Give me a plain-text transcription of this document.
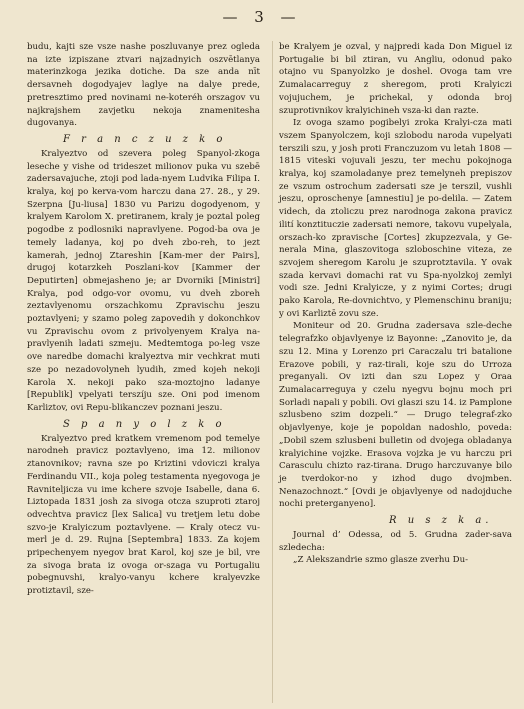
— 3 —

budu, kajti sze vsze nashe poszluvanye prez ogleda na izte izpiszane ztvari najzadnyich oszvētlanya materinzkoga jezika dotiche. Da sze anda nīt dersavneh dogodyajev laglye na dalye prede, pretresztimo pred novinami ne-koteréh orszagov vu najkrajshem zavjetku nekoja znamenitesha dugovanya.

F r a n c z u z k o

Kralyeztvo od szevera poleg Spanyol-zkoga leseche y vishe od trideszet milionov puka vu szebē zadersavajuche, ztoji pod lada-nyem Ludvika Filipa I. kralya, koj po kerva-vom harczu dana 27. 28., y 29. Szerpna [Ju-liusa] 1830 vu Parizu dogodyenom, y kralyem Karolom X. pretiranem, kraly je poztal poleg pogodbe z podlosniki napravlyene. Pogod-ba ova je temely ladanya, koj po dveh zbo-reh, to jezt kamerah, jednoj Ztareshin [Kam-mer der Pairs], drugoj kotarzkeh Poszlani-kov [Kammer der Deputirten] obmejasheno je; ar Dvorniki [Ministri] Kralya, pod odgo-vor ovomu, vu dveh zboreh zeztavlyenomu orszachkomu Zpravischu jeszu poztavlyeni; y szamo poleg zapovedih y dokonchkov vu Zpravischu ovom z privolyenyem Kralya na-pravlyenih ladati szmeju. Medtemtoga po-leg vsze ove naredbe domachi kralyeztva mir vechkrat muti sze po nezadovolyneh lyudih, zmed kojeh nekoji Karola X. nekoji pako sza-moztojno ladanye [Republik] vpelyati terszíju sze. Oni pod imenom Karliztov, ovi Repu-blikanczev poznani jeszu.

S p a n y o l z k o

Kralyeztvo pred kratkem vremenom pod temelye narodneh pravicz poztavlyeno, ima 12. milionov ztanovnikov; ravna sze po Kriztini vdoviczi kralya Ferdinandu VII., koja poleg testamenta nyegovoga je Ravniteljicza vu ime kchere szvoje Isabelle, dana 6. Liztopada 1831 josh za sivoga otcza szuproti ztaroj odvechtva pravicz [lex Salica] vu tretjem letu dobe szvo-je Kralyiczum poztavlyene. — Kraly otecz vu-merl je d. 29. Rujna [Septembra] 1833. Za kojem pripechenyem nyegov brat Karol, koj sze je bil, vre za sivoga brata iz ovoga or-szaga vu Portugaliu pobegnuvshi, kralyo-vanyu kchere kralyevzke protiztavil, sze-

be Kralyem je ozval, y najpredi kada Don Miguel iz Portugalie bi bil ztiran, vu Angliu, odonud pako otajno vu Spanyolzko je doshel. Ovoga tam vre Zumalacarreguy z sheregom, proti Kralyiczi vojujuchem, je prichekal, y odonda broj szuprotivnikov kralyichineh vsza-ki dan razte.

Iz ovoga szamo pogibelyi zroka Kralyi-cza mati vszem Spanyolczem, koji szlobodu naroda vupelyati terszili szu, y josh proti Franczuzom vu letah 1808 — 1815 viteski vojuvali jeszu, ter mechu pokojnoga kralya, koj szamoladanye prez temelyneh prepiszov ze vszum ostrochum zadersati sze je terszil, vushli jeszu, oproschenye [amnestiu] je po-delila. — Zatem videch, da ztoliczu prez narodnoga zakona pravicz ilití konztitucziе zadersati nemore, takovu vupelyala, orszach-ko zpravische [Cortes] zkupzezvala, y Ge-nerala Mina, glaszovitoga szloboschine viteza, ze szvojem sheregom Karolu je szuprotztavila. Y ovak szada kervavi domachi rat vu Spa-nyolzkoj zemlyi vodi sze. Jedni Kralyicze, y z nyimi Cortes; drugi pako Karola, Re-dovnichtvo, y Plemenschinu braniju; y ovi Karliztē zovu sze.

Moniteur od 20. Grudna zadersava szle-dechе telegrafzko objavlyenye iz Bayonne: „Zanovito je, da szu 12. Mina y Lorenzo pri Caraczalu tri batalione Erazove pobili, y raz-tirali, koje szu do Urroza preganyali. Ov izti dan szu Lopez y Oraa Zumalacarreguya y czelu nyegvu bojnu moch pri Sorladi napali y pobili. Ovi glaszi szu 14. iz Pamplone szlusbeno szim dozpeli.“ — Drugo telegraf-zko objavlyenye, koje je popoldan nadoshlo, poveda: „Dobil szem szlusbeni bulletin od dvojega obladanya kralyichine vojzke. Erasova vojzka je vu harczu pri Carasculu chizto raz-tirana. Drugo harczuvanye bilo je tverdokor-no y izhod dugo dvojmben. Nenazochnozt.“ [Ovdi je objavlyenye od nadojduche nochi preterganyeno].

R u s z k a.

Journal d’ Odessa, od 5. Grudna zader-sava szledecha:

„Z Alekszandrie szmo glasze zverhu Du-
